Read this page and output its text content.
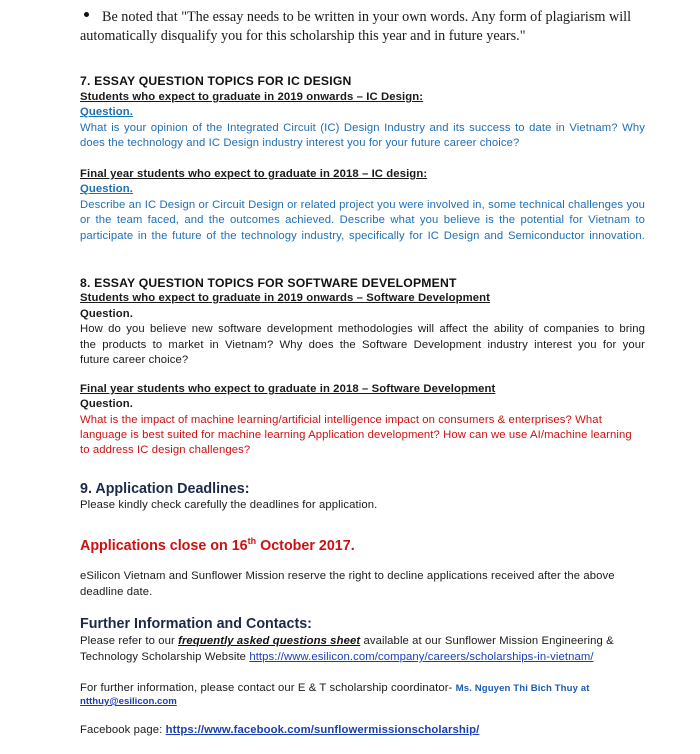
Be noted that "The essay needs to be written in your own words. Any form of plagiarism will
automatically disqualify you for this scholarship this year and in future years."
7. ESSAY QUESTION TOPICS FOR IC DESIGN
Students who expect to graduate in 2019 onwards – IC Design:
Question.
What is your opinion of the Integrated Circuit (IC) Design Industry and its success to date in Vietnam? Why
does the technology and IC Design industry interest you for your future career choice?
Final year students who expect to graduate in 2018 – IC design:
Question.
Describe an IC Design or Circuit Design or related project you were involved in, some technical challenges you
or the team faced, and the outcomes achieved. Describe what you believe is the potential for Vietnam to
participate in the future of the technology industry, specifically for IC Design and Semiconductor innovation.
8. ESSAY QUESTION TOPICS FOR SOFTWARE DEVELOPMENT
Students who expect to graduate in 2019 onwards – Software Development
Question.
How do you believe new software development methodologies will affect the ability of companies to bring
the products to market in Vietnam? Why does the Software Development industry interest you for your
future career choice?
Final year students who expect to graduate in 2018 – Software Development
Question.
What is the impact of machine learning/artificial intelligence impact on consumers & enterprises? What
language is best suited for machine learning Application development? How can we use AI/machine learning
to address IC design challenges?
9. Application Deadlines:
Please kindly check carefully the deadlines for application.
Applications close on 16th October 2017.
eSilicon Vietnam and Sunflower Mission reserve the right to decline applications received after the above
deadline date.
Further Information and Contacts:
Please refer to our frequently asked questions sheet available at our Sunflower Mission Engineering &
Technology Scholarship Website https://www.esilicon.com/company/careers/scholarships-in-vietnam/
For further information, please contact our E & T scholarship coordinator- Ms. Nguyen Thi Bich Thuy at
ntthuy@esilicon.com
Facebook page: https://www.facebook.com/sunflowermissionscholarship/
